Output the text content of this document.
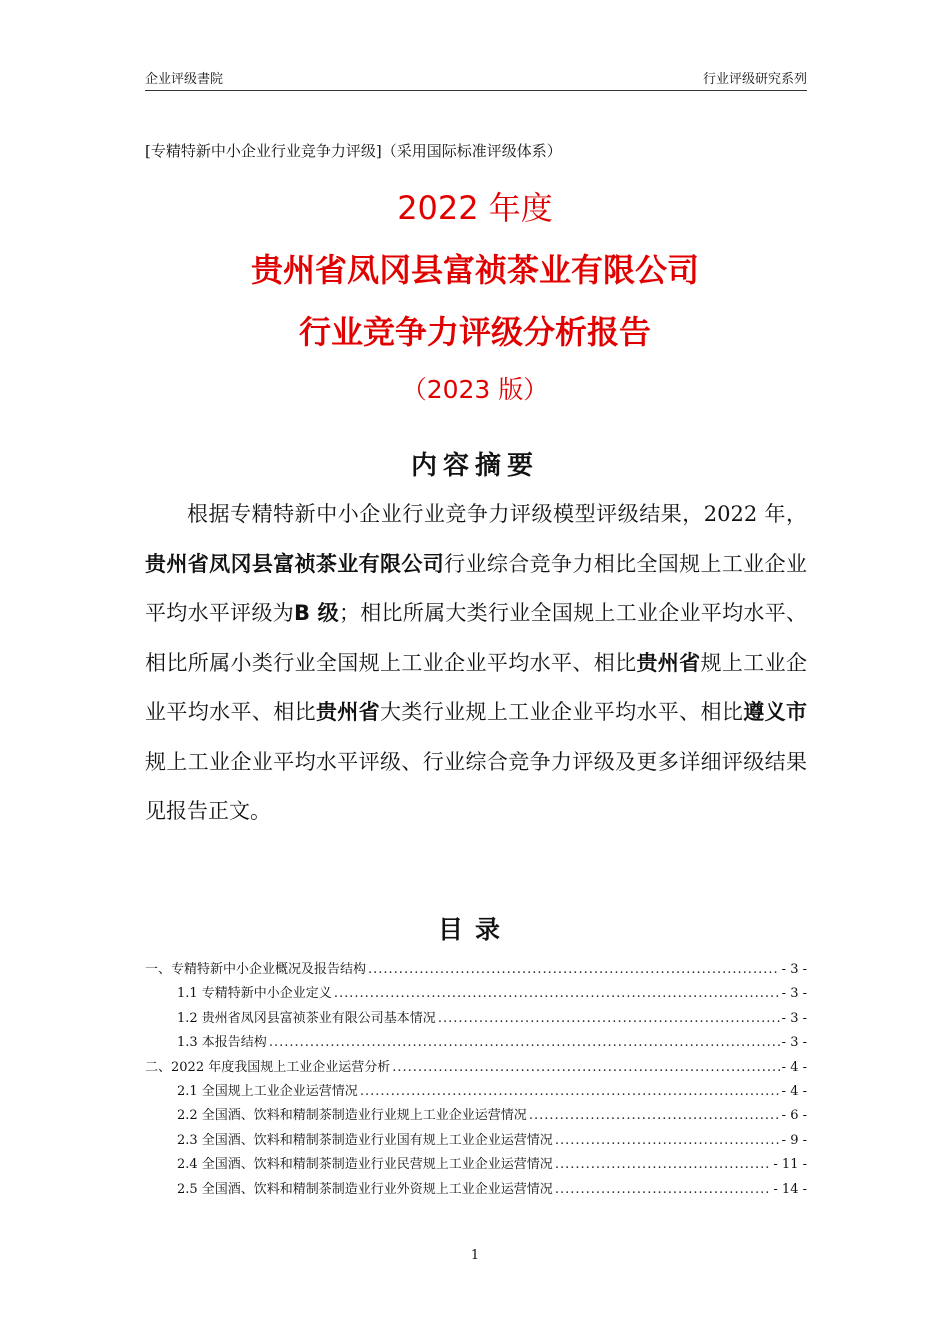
企业评级書院	行业评级研究系列
[专精特新中小企业行业竞争力评级]（采用国际标准评级体系）
2022 年度
贵州省凤冈县富祯茶业有限公司
行业竞争力评级分析报告
（2023 版）
内容摘要

根据专精特新中小企业行业竞争力评级模型评级结果，2022 年，贵州省凤冈县富祯茶业有限公司行业综合竞争力相比全国规上工业企业平均水平评级为B 级；相比所属大类行业全国规上工业企业平均水平、相比所属小类行业全国规上工业企业平均水平、相比贵州省规上工业企业平均水平、相比贵州省大类行业规上工业企业平均水平、相比遵义市规上工业企业平均水平评级、行业综合竞争力评级及更多详细评级结果见报告正文。

目录
一、专精特新中小企业概况及报告结构 .....	- 3 -
1.1 专精特新中小企业定义 .....	- 3 -
1.2 贵州省凤冈县富祯茶业有限公司基本情况 .....	- 3 -
1.3 本报告结构 .....	- 3 -
二、2022 年度我国规上工业企业运营分析 .....	- 4 -
2.1 全国规上工业企业运营情况 .....	- 4 -
2.2 全国酒、饮料和精制茶制造业行业规上工业企业运营情况 .....	- 6 -
2.3 全国酒、饮料和精制茶制造业行业国有规上工业企业运营情况 .....	- 9 -
2.4 全国酒、饮料和精制茶制造业行业民营规上工业企业运营情况 .....	- 11 -
2.5 全国酒、饮料和精制茶制造业行业外资规上工业企业运营情况 .....	- 14 -
1
